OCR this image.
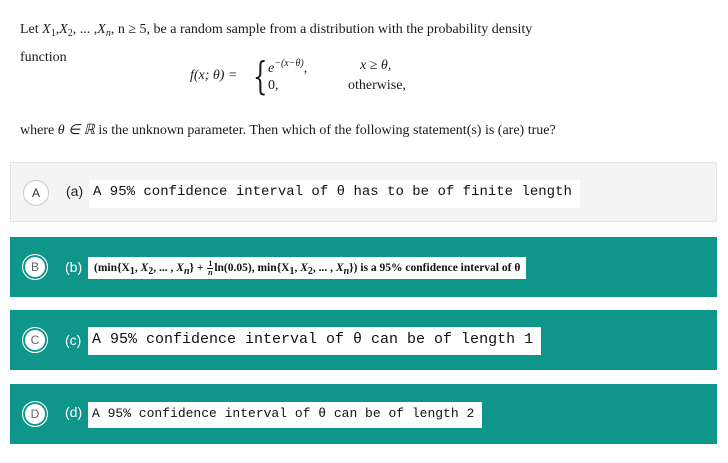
Let $X_1,X_2$, ... $,X_n$, n ≥ 5, be a random sample from a distribution with the probability density
function
where θ ∈ ℝ is the unknown parameter. Then which of the following statement(s) is (are) true?
f(x; θ) = { $e^{-(x-\theta)}$,	x ≥ θ,
0,	otherwise,
A	(a) A 95% confidence interval of θ has to be of finite length
B	(b)	($\min\{X_1$, $X_2$, ... , $X_n\} + \frac{1}{n} \ln(0.05)$, $\min\{X_1$, $X_2$, ... , $X_n$}) is a 95% confidence interval of θ
C	(c) A 95% confidence interval of θ can be of length 1
D	(d) A 95% confidence interval of θ can be of length 2
